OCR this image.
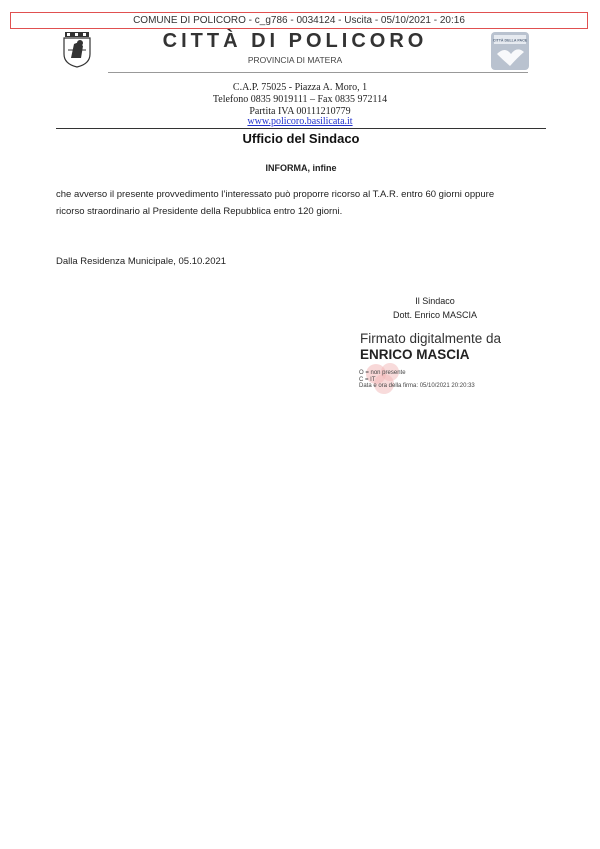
COMUNE DI POLICORO - c_g786 - 0034124 - Uscita - 05/10/2021 - 20:16
CITTÀ DI POLICORO
PROVINCIA DI MATERA
CITTÀ DELLA PACE
C.A.P. 75025 - Piazza A. Moro, 1
Telefono 0835 9019111 – Fax 0835 972114
Partita IVA 00111210779
www.policoro.basilicata.it
Ufficio del Sindaco
INFORMA, infine
che avverso il presente provvedimento l’interessato può proporre ricorso al T.A.R. entro 60 giorni oppure
ricorso straordinario al Presidente della Repubblica entro 120 giorni.
Dalla Residenza Municipale, 05.10.2021
Il Sindaco
Dott. Enrico MASCIA
Firmato digitalmente da
ENRICO MASCIA
O = non presente
C = IT
Data e ora della firma: 05/10/2021 20:20:33
